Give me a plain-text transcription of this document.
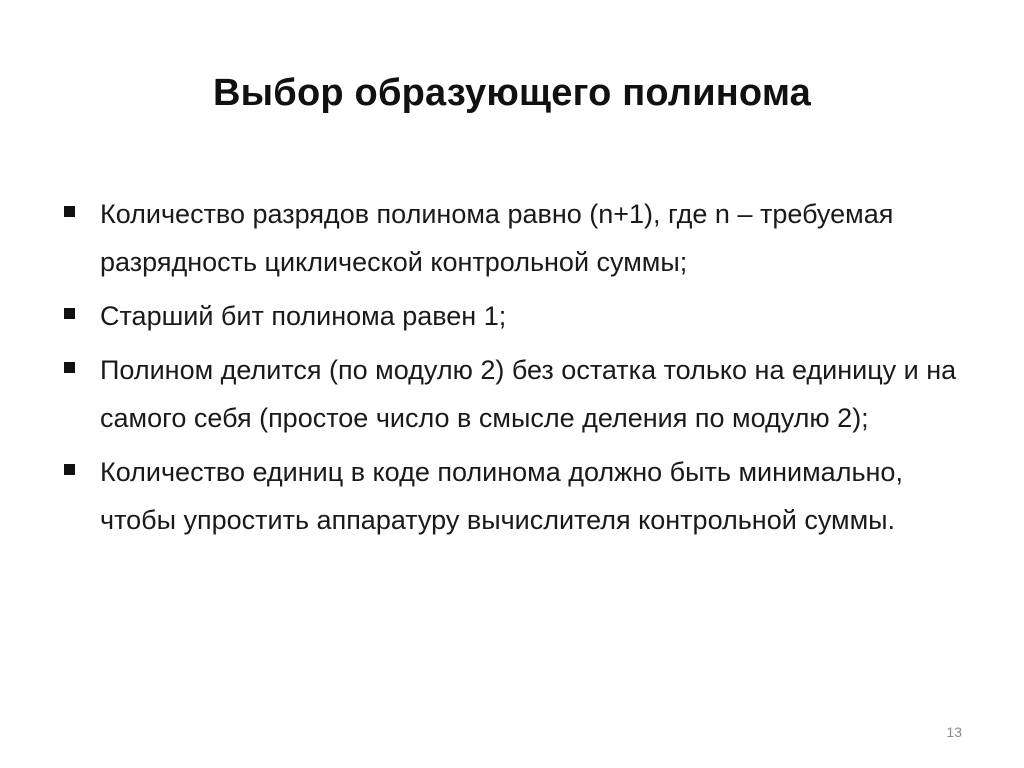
Выбор образующего полинома
Количество разрядов полинома равно (n+1), где n – требуемая разрядность циклической контрольной суммы;
Старший бит полинома равен 1;
Полином делится (по модулю 2) без остатка только на единицу и на самого себя (простое число в смысле деления по модулю 2);
Количество единиц в коде полинома должно быть минимально, чтобы упростить аппаратуру вычислителя контрольной суммы.
13
